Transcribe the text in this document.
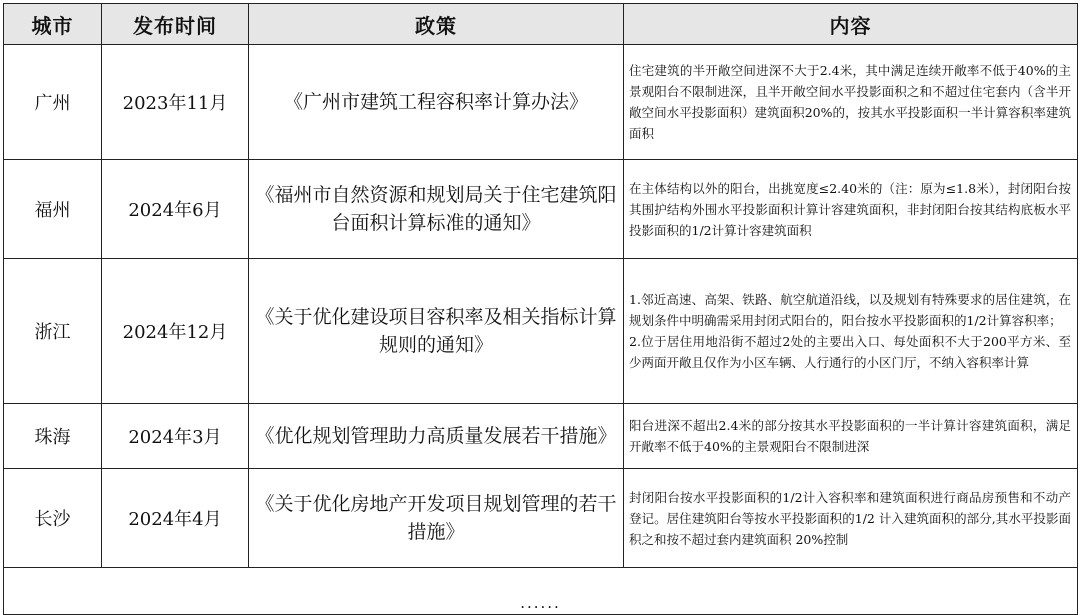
城市	发布时间	政策	内容
广州	2023年11月	《广州市建筑工程容积率计算办法》	住宅建筑的半开敞空间进深不大于2.4米，其中满足连续开敞率不低于40%的主景观阳台不限制进深，且半开敞空间水平投影面积之和不超过住宅套内（含半开敞空间水平投影面积）建筑面积20%的，按其水平投影面积一半计算容积率建筑面积
福州	2024年6月	《福州市自然资源和规划局关于住宅建筑阳台面积计算标准的通知》	在主体结构以外的阳台，出挑宽度≤2.40米的（注：原为≤1.8米），封闭阳台按其围护结构外围水平投影面积计算计容建筑面积，非封闭阳台按其结构底板水平投影面积的1/2计算计容建筑面积
浙江	2024年12月	《关于优化建设项目容积率及相关指标计算规则的通知》	1.邻近高速、高架、铁路、航空航道沿线，以及规划有特殊要求的居住建筑，在规划条件中明确需采用封闭式阳台的，阳台按水平投影面积的1/2计算容积率；
2.位于居住用地沿街不超过2处的主要出入口、每处面积不大于200平方米、至少两面开敞且仅作为小区车辆、人行通行的小区门厅，不纳入容积率计算

珠海	2024年3月	《优化规划管理助力高质量发展若干措施》	阳台进深不超出2.4米的部分按其水平投影面积的一半计算计容建筑面积，满足开敞率不低于40%的主景观阳台不限制进深
长沙	2024年4月	《关于优化房地产开发项目规划管理的若干措施》	封闭阳台按水平投影面积的1/2计入容积率和建筑面积进行商品房预售和不动产登记。居住建筑阳台等按水平投影面积的1/2 计入建筑面积的部分,其水平投影面积之和按不超过套内建筑面积 20%控制
......			
